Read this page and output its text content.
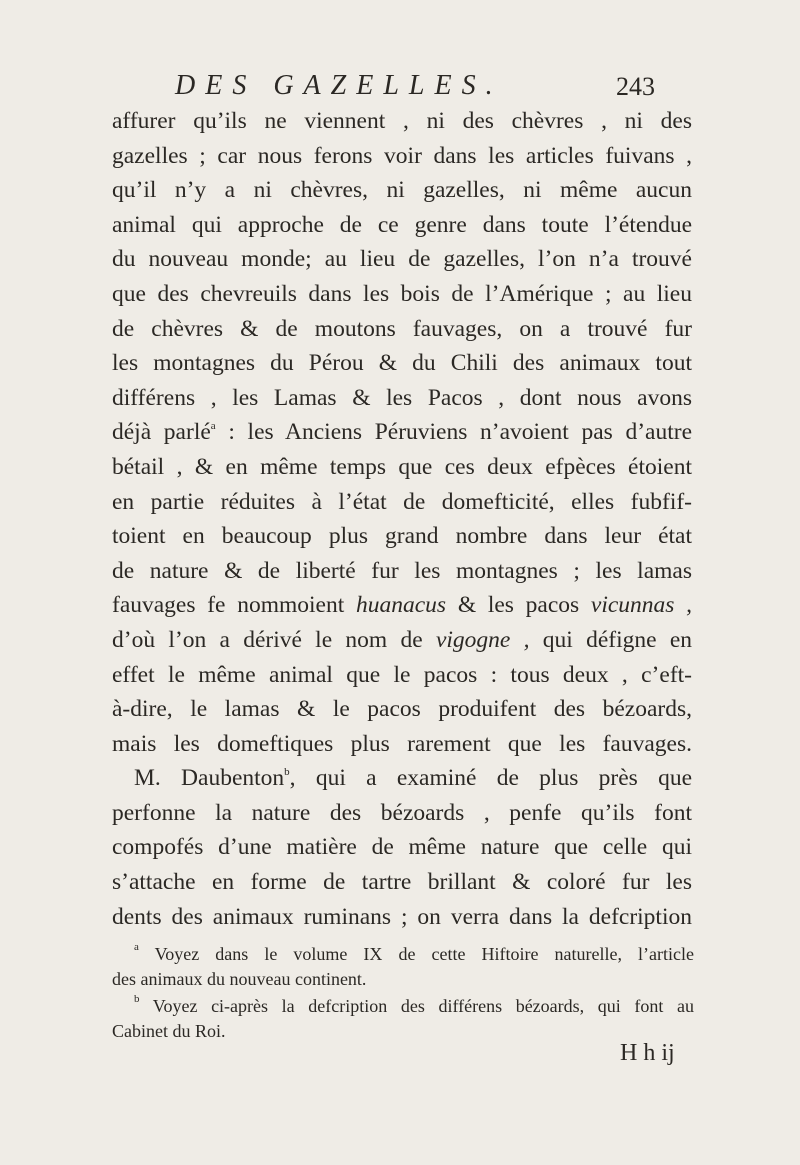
DES GAZELLES.	243
affurer qu’ils ne viennent , ni des chèvres , ni des
gazelles ; car nous ferons voir dans les articles fuivans ,
qu’il n’y a ni chèvres, ni gazelles, ni même aucun
animal qui approche de ce genre dans toute l’étendue
du nouveau monde; au lieu de gazelles, l’on n’a trouvé
que des chevreuils dans les bois de l’Amérique ; au lieu
de chèvres & de moutons fauvages, on a trouvé fur
les montagnes du Pérou & du Chili des animaux tout
différens , les Lamas & les Pacos , dont nous avons
déjà parlé$^a$ : les Anciens Péruviens n’avoient pas d’autre
bétail , & en même temps que ces deux efpèces étoient
en partie réduites à l’état de domefticité, elles fubfif-
toient en beaucoup plus grand nombre dans leur état
de nature & de liberté fur les montagnes ; les lamas
fauvages fe nommoient huanacus & les pacos vicunnas ,
d’où l’on a dérivé le nom de vigogne , qui défigne en
effet le même animal que le pacos : tous deux , c’eft-
à-dire, le lamas & le pacos produifent des bézoards,
mais les domeftiques plus rarement que les fauvages.
M. Daubenton$^b$, qui a examiné de plus près que
perfonne la nature des bézoards , penfe qu’ils font
compofés d’une matière de même nature que celle qui
s’attache en forme de tartre brillant & coloré fur les
dents des animaux ruminans ; on verra dans la defcription
$^a$ Voyez dans le volume IX de cette Hiftoire naturelle, l’article
des animaux du nouveau continent.
$^b$ Voyez ci-après la defcription des différens bézoards, qui font au
Cabinet du Roi.
H h ij
